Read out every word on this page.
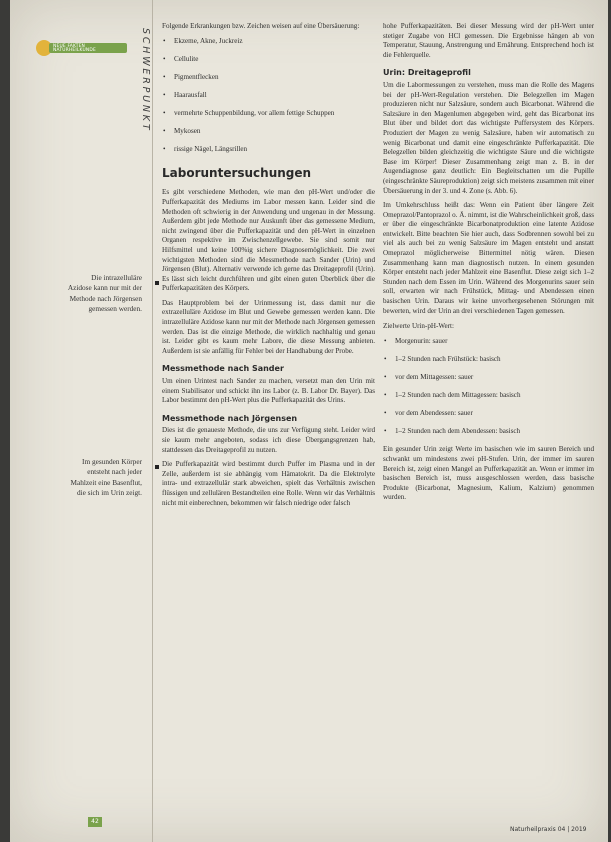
NEUE FAKTEN
NATURHEILKUNDE	SCHWERPUNKT
Die intrazelluläre Azidose kann nur mit der Methode nach Jörgensen gemessen werden.
Im gesunden Körper entsteht nach jeder Mahlzeit eine Basenflut, die sich im Urin zeigt.

Folgende Erkrankungen bzw. Zeichen weisen auf eine Übersäuerung:

• Ekzeme, Akne, Juckreiz
• Cellulite
• Pigmentflecken
• Haarausfall
• vermehrte Schuppenbildung, vor allem fettige Schuppen
• Mykosen
• rissige Nägel, Längsrillen
Laboruntersuchungen

Es gibt verschiedene Methoden, wie man den pH-Wert und/oder die Pufferkapazität des Mediums im Labor messen kann. Leider sind die Methoden oft schwierig in der Anwendung und ungenau in der Messung. Außerdem gibt jede Methode nur Auskunft über das gemessene Medium, nicht zwingend über die Pufferkapazität und den pH-Wert in einzelnen Organen respektive im Zwischenzellgewebe. Sie sind somit nur Hilfsmittel und keine 100%ig sichere Diagnosemöglichkeit. Die zwei wichtigsten Methoden sind die Messmethode nach Sander (Urin) und Jörgensen (Blut). Alternativ verwende ich gerne das Dreitageprofil (Urin). Es lässt sich leicht durchführen und gibt einen guten Überblick über die Pufferkapazitäten des Körpers.

Das Hauptproblem bei der Urinmessung ist, dass damit nur die extrazelluläre Azidose im Blut und Gewebe gemessen werden kann. Die intrazelluläre Azidose kann nur mit der Methode nach Jörgensen gemessen werden. Das ist die einzige Methode, die wirklich nachhaltig und genau ist. Leider gibt es kaum mehr Labore, die diese Messung anbieten. Außerdem ist sie anfällig für Fehler bei der Handhabung der Probe.

Messmethode nach Sander

Um einen Urintest nach Sander zu machen, versetzt man den Urin mit einem Stabilisator und schickt ihn ins Labor (z. B. Labor Dr. Bayer). Das Labor bestimmt den pH-Wert plus die Pufferkapazität des Urins.

Messmethode nach Jörgensen

Dies ist die genaueste Methode, die uns zur Verfügung steht. Leider wird sie kaum mehr angeboten, sodass ich diese Übergangsgrenzen hab, stattdessen das Dreitageprofil zu nutzen.

Die Pufferkapazität wird bestimmt durch Puffer im Plasma und in der Zelle, außerdem ist sie abhängig vom Hämatokrit. Da die Elektrolyte intra- und extrazellulär stark abweichen, spielt das Verhältnis zwischen flüssigen und zellulären Bestandteilen eine Rolle. Wenn wir das Verhältnis nicht mit einberechnen, bekommen wir falsch niedrige oder falsch

hohe Pufferkapazitäten. Bei dieser Messung wird der pH-Wert unter stetiger Zugabe von HCl gemessen. Die Ergebnisse hängen ab von Temperatur, Stauung, Anstrengung und Ernährung. Entsprechend hoch ist die Fehlerquelle.

Urin: Dreitageprofil

Um die Labormessungen zu verstehen, muss man die Rolle des Magens bei der pH-Wert-Regulation verstehen. Die Belegzellen im Magen produzieren nicht nur Salzsäure, sondern auch Bicarbonat. Während die Salzsäure in den Magenlumen abgegeben wird, geht das Bicarbonat ins Blut über und bildet dort das wichtigste Puffersystem des Körpers. Produziert der Magen zu wenig Salzsäure, haben wir automatisch zu wenig Bicarbonat und damit eine eingeschränkte Pufferkapazität. Die Belegzellen bilden gleichzeitig die wichtigste Säure und die wichtigste Base im Körper! Dieser Zusammenhang zeigt man z. B. in der Augendiagnose ganz deutlich: Ein Begleitschatten um die Pupille (eingeschränkte Säureproduktion) zeigt sich meistens zusammen mit einer Übersäuerung in der 3. und 4. Zone (s. Abb. 6).

Im Umkehrschluss heißt das: Wenn ein Patient über längere Zeit Omeprazol/Pantoprazol o. Ä. nimmt, ist die Wahrscheinlichkeit groß, dass er über die eingeschränkte Bicarbonatproduktion eine latente Azidose entwickelt. Bitte beachten Sie hier auch, dass Sodbrennen sowohl bei zu viel als auch bei zu wenig Salzsäure im Magen entsteht und anstatt Omeprazol möglicherweise Bittermittel nötig wären. Diesen Zusammenhang kann man diagnostisch nutzen. In einem gesunden Körper entsteht nach jeder Mahlzeit eine Basenflut. Diese zeigt sich 1–2 Stunden nach dem Essen im Urin. Während des Morgenurins sauer sein soll, erwarten wir nach Frühstück, Mittag- und Abendessen einen basischen Urin. Daraus wir keine unvorhergesehenen Störungen mit bewerten, wird der Urin an drei verschiedenen Tagen gemessen.

Zielwerte Urin-pH-Wert:

• Morgenurin: sauer
• 1–2 Stunden nach Frühstück: basisch
• vor dem Mittagessen: sauer
• 1–2 Stunden nach dem Mittagessen: basisch
• vor dem Abendessen: sauer
• 1–2 Stunden nach dem Abendessen: basisch

Ein gesunder Urin zeigt Werte im basischen wie im sauren Bereich und schwankt um mindestens zwei pH-Stufen. Urin, der immer im sauren Bereich ist, zeigt einen Mangel an Pufferkapazität an. Wenn er immer im basischen Bereich ist, muss ausgeschlossen werden, dass basische Produkte (Bicarbonat, Magnesium, Kalium, Kalzium) genommen wurden.

42
Naturheilpraxis 04 | 2019
